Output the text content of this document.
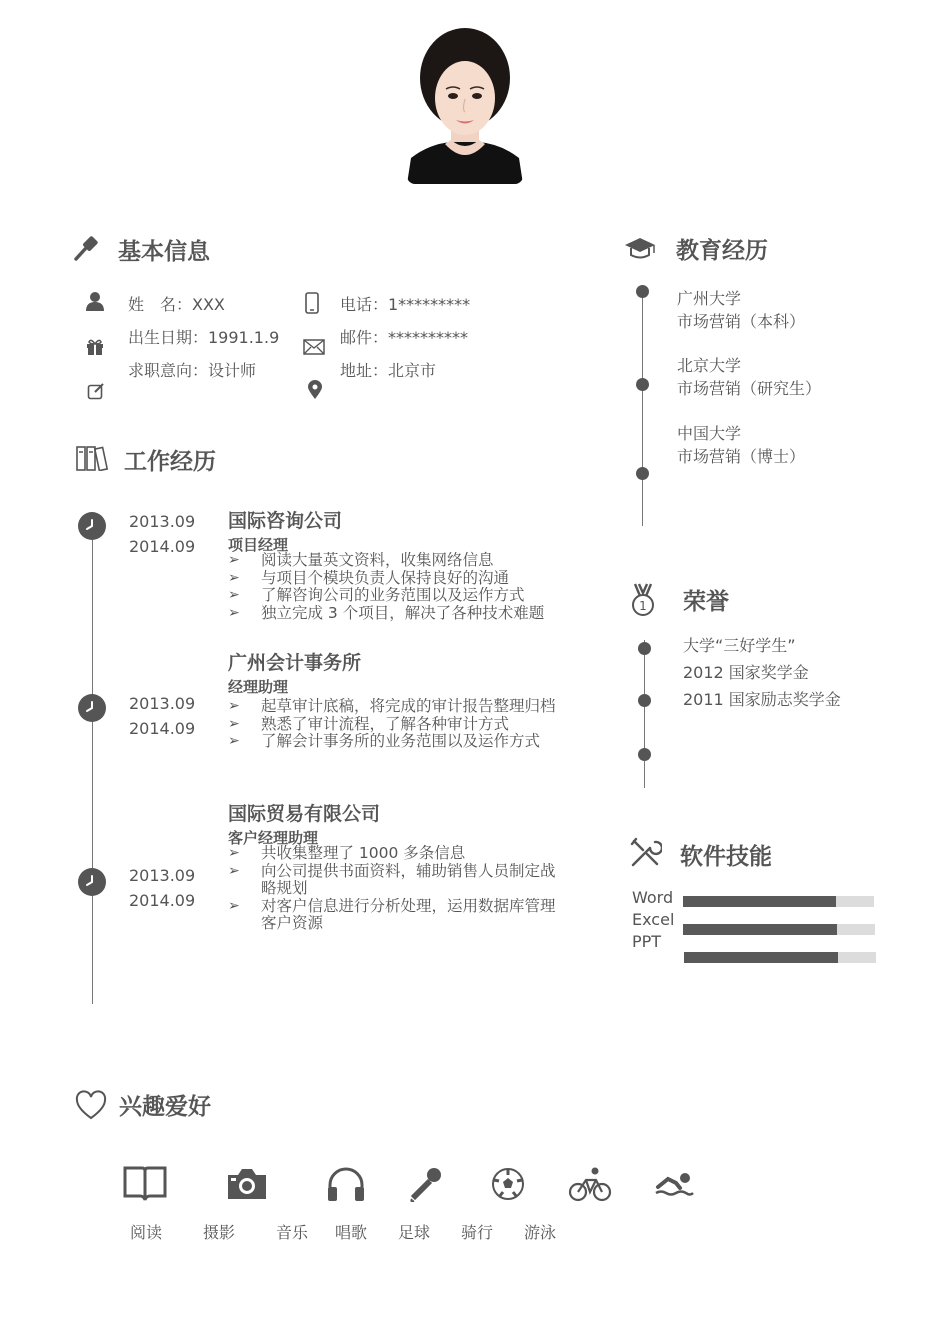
基本信息
姓　名：XXX
出生日期：1991.1.9
求职意向：设计师
电话：1*********
邮件：**********
地址：北京市
工作经历
2013.09
2014.09
国际咨询公司
项目经理
➢ 阅读大量英文资料，收集网络信息
➢ 与项目个模块负责人保持良好的沟通
➢ 了解咨询公司的业务范围以及运作方式
➢ 独立完成 3 个项目，解决了各种技术难题
2013.09
2014.09
广州会计事务所
经理助理
➢ 起草审计底稿，将完成的审计报告整理归档
➢ 熟悉了审计流程，了解各种审计方式
➢ 了解会计事务所的业务范围以及运作方式
2013.09
2014.09
国际贸易有限公司
客户经理助理
➢ 共收集整理了 1000 多条信息
➢ 向公司提供书面资料，辅助销售人员制定战略规划
➢ 对客户信息进行分析处理，运用数据库管理客户资源
教育经历
广州大学
市场营销（本科）
北京大学
市场营销（研究生）
中国大学
市场营销（博士）
1 荣誉
大学“三好学生”
2012 国家奖学金
2011 国家励志奖学金
软件技能
Word
Excel
PPT
兴趣爱好
阅读	摄影	音乐 唱歌 足球 骑行 游泳
